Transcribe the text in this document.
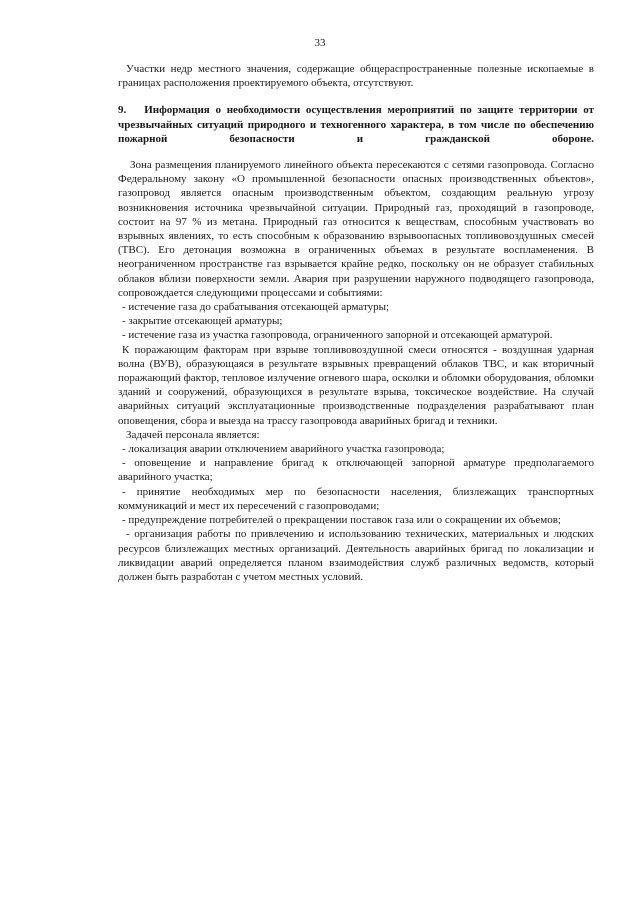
33

Участки недр местного значения, содержащие общераспространенные полезные ископаемые в границах расположения проектируемого объекта, отсутствуют.

9. Информация о необходимости осуществления мероприятий по защите территории от чрезвычайных ситуаций природного и техногенного характера, в том числе по обеспечению пожарной безопасности и гражданской обороне.

Зона размещения планируемого линейного объекта пересекаются с сетями газопровода. Согласно Федеральному закону «О промышленной безопасности опасных производственных объектов», газопровод является опасным производственным объектом, создающим реальную угрозу возникновения источника чрезвычайной ситуации. Природный газ, проходящий в газопроводе, состоит на 97 % из метана. Природный газ относится к веществам, способным участвовать во взрывных явлениях, то есть способным к образованию взрывоопасных топливовоздушных смесей (ТВС). Его детонация возможна в ограниченных объемах в результате воспламенения. В неограниченном пространстве газ взрывается крайне редко, поскольку он не образует стабильных облаков вблизи поверхности земли. Авария при разрушении наружного подводящего газопровода, сопровождается следующими процессами и событиями:

- истечение газа до срабатывания отсекающей арматуры;

- закрытие отсекающей арматуры;

- истечение газа из участка газопровода, ограниченного запорной и отсекающей арматурой.

К поражающим факторам при взрыве топливовоздушной смеси относятся - воздушная ударная волна (ВУВ), образующаяся в результате взрывных превращений облаков ТВС, и как вторичный поражающий фактор, тепловое излучение огневого шара, осколки и обломки оборудования, обломки зданий и сооружений, образующихся в результате взрыва, токсическое воздействие. На случай аварийных ситуаций эксплуатационные производственные подразделения разрабатывают план оповещения, сбора и выезда на трассу газопровода аварийных бригад и техники.

Задачей персонала является:

- локализация аварии отключением аварийного участка газопровода;

- оповещение и направление бригад к отключающей запорной арматуре предполагаемого аварийного участка;

- принятие необходимых мер по безопасности населения, близлежащих транспортных коммуникаций и мест их пересечений с газопроводами;

- предупреждение потребителей о прекращении поставок газа или о сокращении их объемов;

- организация работы по привлечению и использованию технических, материальных и людских ресурсов близлежащих местных организаций. Деятельность аварийных бригад по локализации и ликвидации аварий определяется планом взаимодействия служб различных ведомств, который должен быть разработан с учетом местных условий.
